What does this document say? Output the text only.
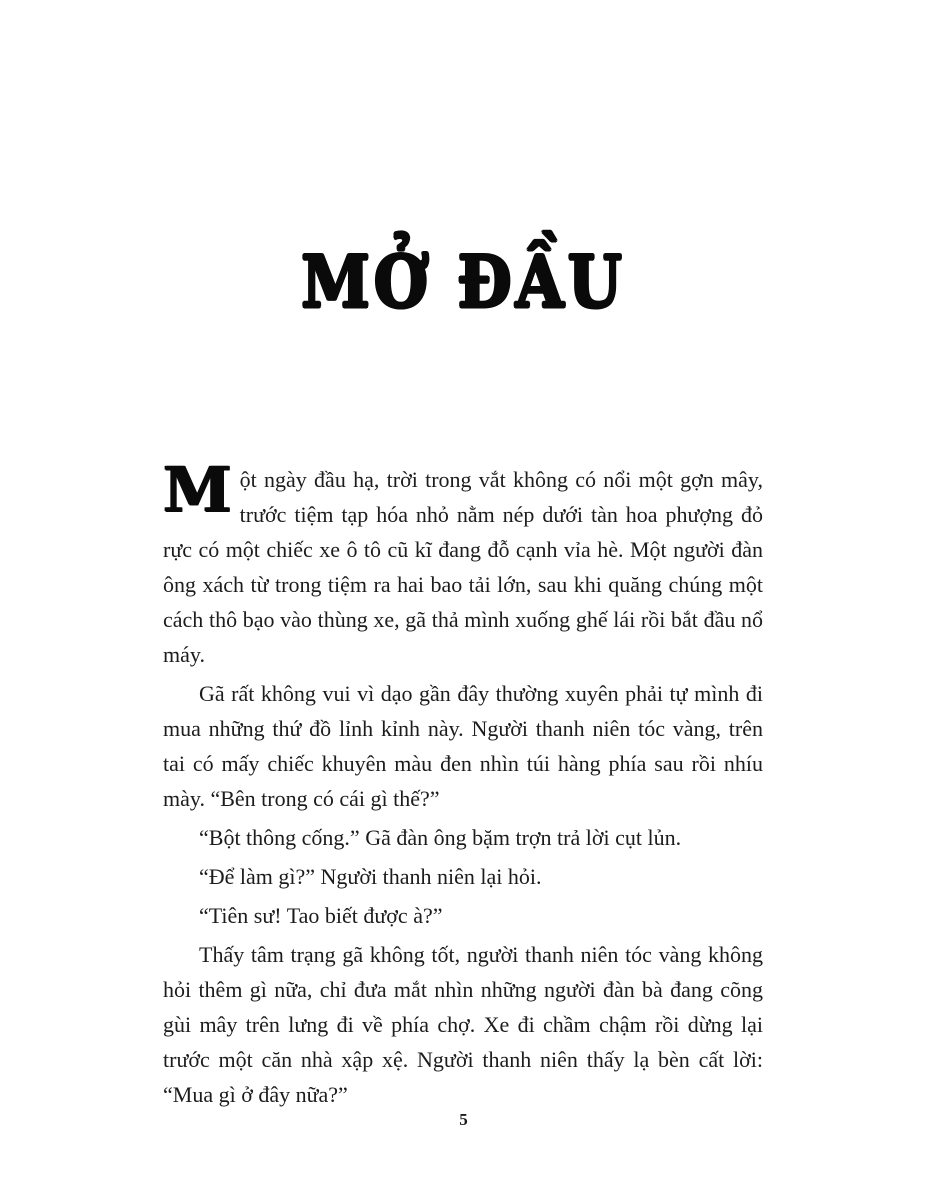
MỞ ĐẦU

Một ngày đầu hạ, trời trong vắt không có nổi một gợn mây, trước tiệm tạp hóa nhỏ nằm nép dưới tàn hoa phượng đỏ rực có một chiếc xe ô tô cũ kĩ đang đỗ cạnh vỉa hè. Một người đàn ông xách từ trong tiệm ra hai bao tải lớn, sau khi quăng chúng một cách thô bạo vào thùng xe, gã thả mình xuống ghế lái rồi bắt đầu nổ máy.

Gã rất không vui vì dạo gần đây thường xuyên phải tự mình đi mua những thứ đồ lỉnh kỉnh này. Người thanh niên tóc vàng, trên tai có mấy chiếc khuyên màu đen nhìn túi hàng phía sau rồi nhíu mày. “Bên trong có cái gì thế?”

“Bột thông cống.” Gã đàn ông bặm trợn trả lời cụt lủn.

“Để làm gì?” Người thanh niên lại hỏi.

“Tiên sư! Tao biết được à?”

Thấy tâm trạng gã không tốt, người thanh niên tóc vàng không hỏi thêm gì nữa, chỉ đưa mắt nhìn những người đàn bà đang cõng gùi mây trên lưng đi về phía chợ. Xe đi chầm chậm rồi dừng lại trước một căn nhà xập xệ. Người thanh niên thấy lạ bèn cất lời: “Mua gì ở đây nữa?”

5
